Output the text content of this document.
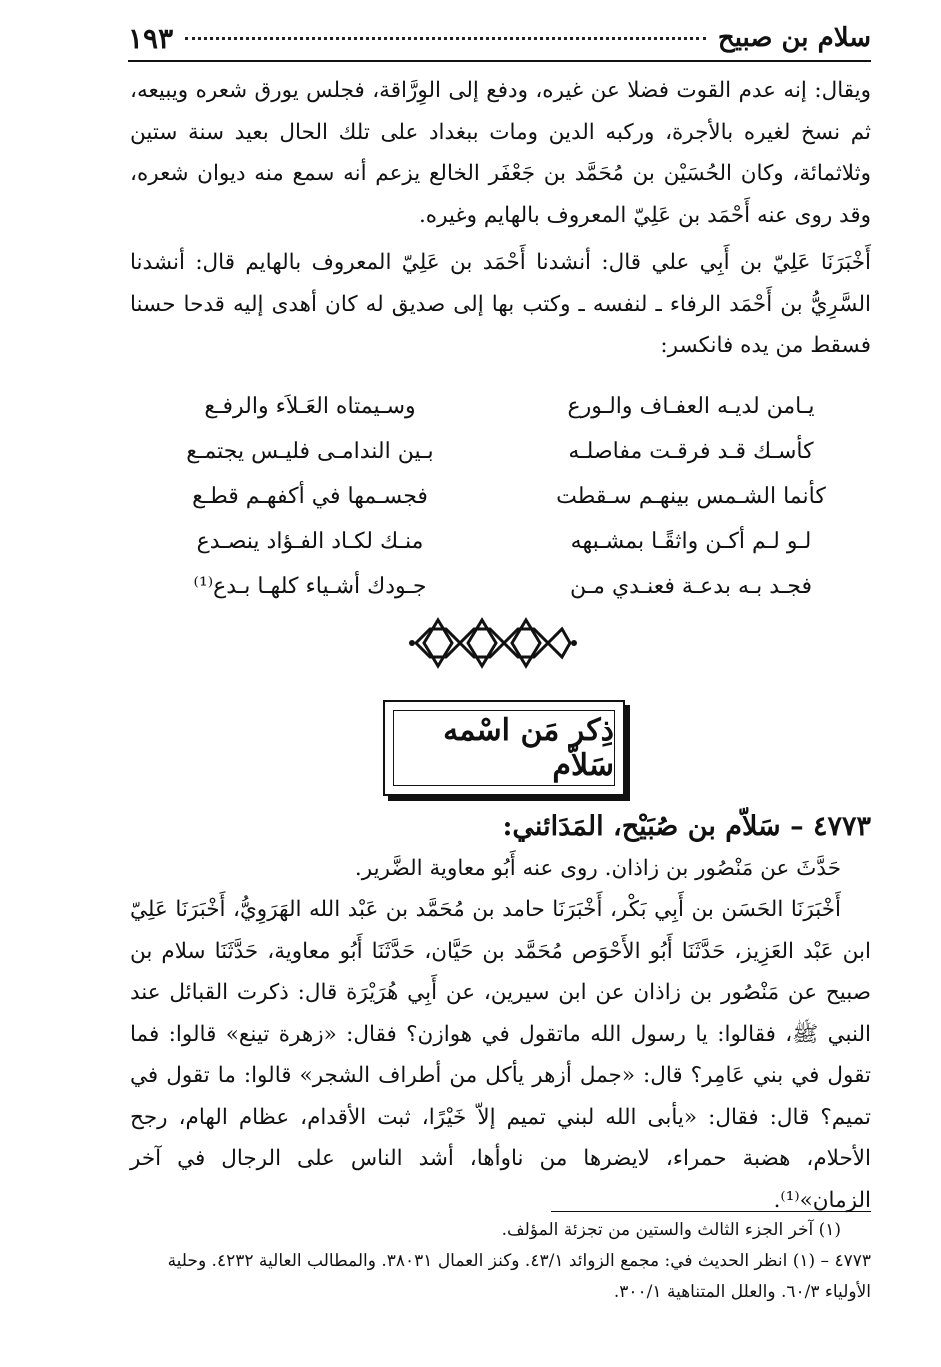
سلام بن صبيح
١٩٣

ويقال: إنه عدم القوت فضلا عن غيره، ودفع إلى الوِرَّاقة، فجلس يورق شعره ويبيعه، ثم نسخ لغيره بالأجرة، وركبه الدين ومات ببغداد على تلك الحال بعيد سنة ستين وثلاثمائة، وكان الحُسَيْن بن مُحَمَّد بن جَعْفَر الخالع يزعم أنه سمع منه ديوان شعره، وقد روى عنه أَحْمَد بن عَلِيّ المعروف بالهايم وغيره.

أَخْبَرَنَا عَلِيّ بن أَبِي علي قال: أنشدنا أَحْمَد بن عَلِيّ المعروف بالهايم قال: أنشدنا السَّرِيُّ بن أَحْمَد الرفاء ـ لنفسه ـ وكتب بها إلى صديق له كان أهدى إليه قدحا حسنا فسقط من يده فانكسر:

يـامن لديـه العفـاف والـورع
وسـيمتاه العَـلاَء والرفـع
كأسـك قـد فرقـت مفاصلـه
بـين الندامـى فليـس يجتمـع
كأنما الشـمس بينهـم سـقطت
فجسـمها في أكفهـم قطـع
لـو لـم أكـن واثقًـا بمشـبهه
منـك لكـاد الفـؤاد ينصـدع
فجـد بـه بدعـة فعنـدي مـن
جـودك أشـياء كلهـا بـدع⁽¹⁾
ذِكر مَن اسْمه سَلاّم

٤٧٧٣ – سَلاّم بن صُبَيْح، المَدَائني:

حَدَّثَ عن مَنْصُور بن زاذان. روى عنه أَبُو معاوية الضَّرير.

أَخْبَرَنَا الحَسَن بن أَبِي بَكْر، أَخْبَرَنَا حامد بن مُحَمَّد بن عَبْد الله الهَرَوِيُّ، أَخْبَرَنَا عَلِيّ ابن عَبْد العَزِيز، حَدَّثَنَا أَبُو الأَحْوَص مُحَمَّد بن حَيَّان، حَدَّثَنَا أَبُو معاوية، حَدَّثَنَا سلام بن صبيح عن مَنْصُور بن زاذان عن ابن سيرين، عن أَبِي هُرَيْرَة قال: ذكرت القبائل عند النبي ﷺ، فقالوا: يا رسول الله ماتقول في هوازن؟ فقال: «زهرة تينع» قالوا: فما تقول في بني عَامِر؟ قال: «جمل أزهر يأكل من أطراف الشجر» قالوا: ما تقول في تميم؟ قال: فقال: «يأبى الله لبني تميم إلاّ خَيْرًا، ثبت الأقدام، عظام الهام، رجح الأحلام، هضبة حمراء، لايضرها من ناوأها، أشد الناس على الرجال في آخر الزمان»⁽¹⁾.

(١) آخر الجزء الثالث والستين من تجزئة المؤلف.

٤٧٧٣ – (١) انظر الحديث في: مجمع الزوائد ٤٣/١. وكنز العمال ٣٨٠٣١. والمطالب العالية ٤٢٣٢. وحلية الأولياء ٦٠/٣. والعلل المتناهية ٣٠٠/١.
